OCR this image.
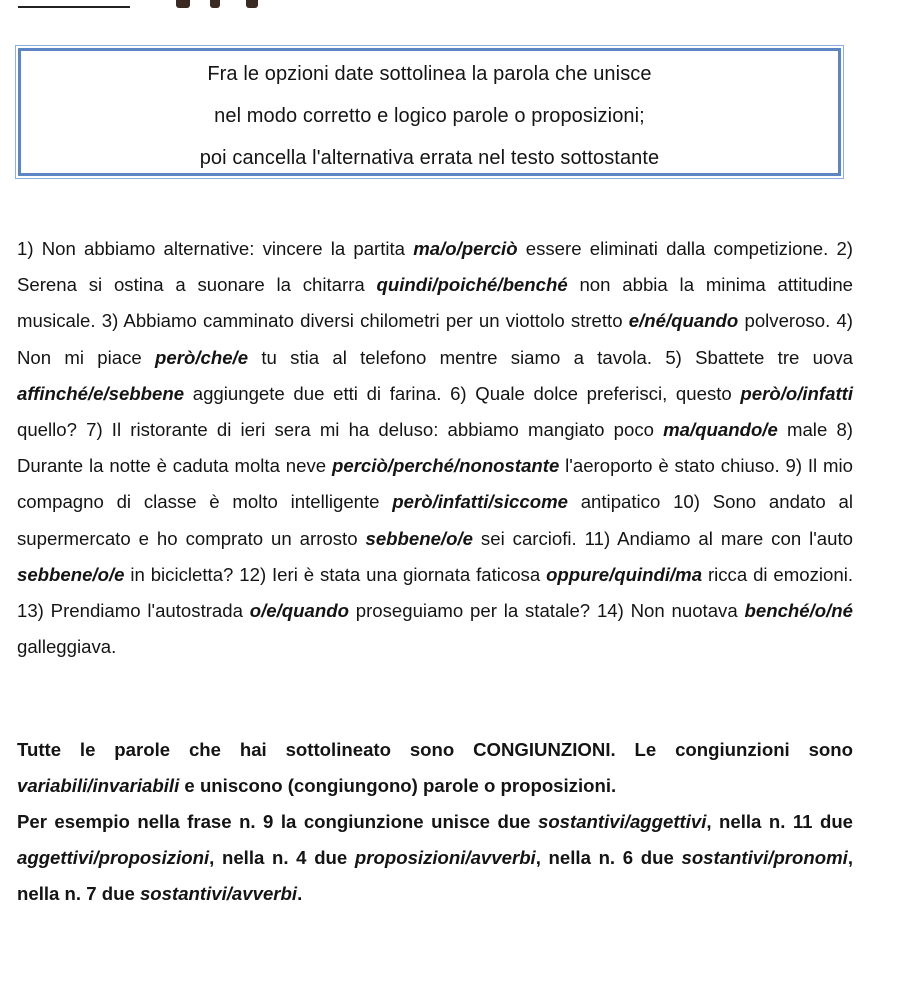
Fra le opzioni date sottolinea la parola che unisce
nel modo corretto e logico parole o proposizioni;
poi cancella l'alternativa errata nel testo sottostante
1) Non abbiamo alternative: vincere la partita ma/o/perciò essere eliminati dalla competizione. 2) Serena si ostina a suonare la chitarra quindi/poiché/benché non abbia la minima attitudine musicale. 3) Abbiamo camminato diversi chilometri per un viottolo stretto e/né/quando polveroso. 4) Non mi piace però/che/e tu stia al telefono mentre siamo a tavola. 5) Sbattete tre uova affinché/e/sebbene aggiungete due etti di farina. 6) Quale dolce preferisci, questo però/o/infatti quello? 7) Il ristorante di ieri sera mi ha deluso: abbiamo mangiato poco ma/quando/e male 8) Durante la notte è caduta molta neve perciò/perché/nonostante l'aeroporto è stato chiuso. 9) Il mio compagno di classe è molto intelligente però/infatti/siccome antipatico 10) Sono andato al supermercato e ho comprato un arrosto sebbene/o/e sei carciofi. 11) Andiamo al mare con l'auto sebbene/o/e in bicicletta? 12) Ieri è stata una giornata faticosa oppure/quindi/ma ricca di emozioni. 13) Prendiamo l'autostrada o/e/quando proseguiamo per la statale? 14) Non nuotava benché/o/né galleggiava.

Tutte le parole che hai sottolineato sono CONGIUNZIONI. Le congiunzioni sono variabili/invariabili e uniscono (congiungono) parole o proposizioni.

Per esempio nella frase n. 9 la congiunzione unisce due sostantivi/aggettivi, nella n. 11 due aggettivi/proposizioni, nella n. 4 due proposizioni/avverbi, nella n. 6 due sostantivi/pronomi, nella n. 7 due sostantivi/avverbi.
